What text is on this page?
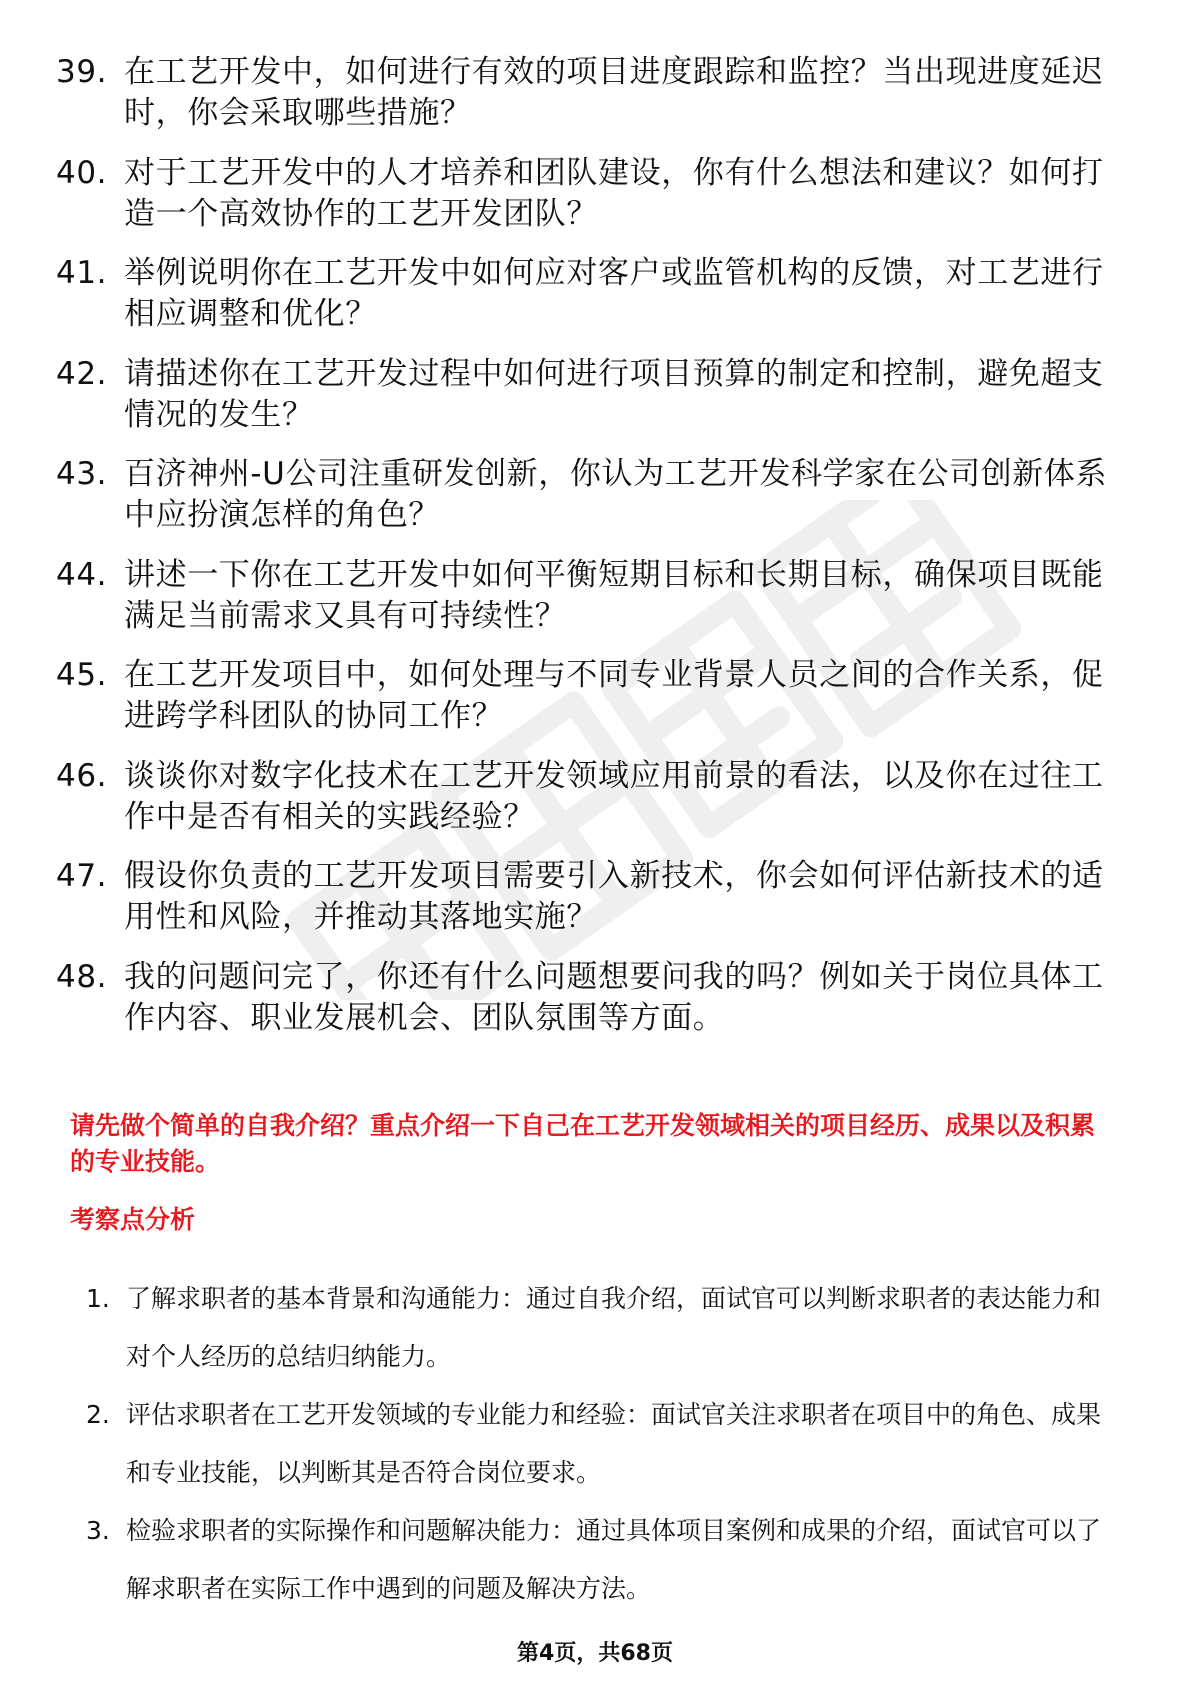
39. 在工艺开发中，如何进行有效的项目进度跟踪和监控？当出现进度延迟时，你会采取哪些措施？
40. 对于工艺开发中的人才培养和团队建设，你有什么想法和建议？如何打造一个高效协作的工艺开发团队？
41. 举例说明你在工艺开发中如何应对客户或监管机构的反馈，对工艺进行相应调整和优化？
42. 请描述你在工艺开发过程中如何进行项目预算的制定和控制，避免超支情况的发生？
43. 百济神州-U公司注重研发创新，你认为工艺开发科学家在公司创新体系中应扮演怎样的角色？
44. 讲述一下你在工艺开发中如何平衡短期目标和长期目标，确保项目既能满足当前需求又具有可持续性？
45. 在工艺开发项目中，如何处理与不同专业背景人员之间的合作关系，促进跨学科团队的协同工作？
46. 谈谈你对数字化技术在工艺开发领域应用前景的看法，以及你在过往工作中是否有相关的实践经验？
47. 假设你负责的工艺开发项目需要引入新技术，你会如何评估新技术的适用性和风险，并推动其落地实施？
48. 我的问题问完了，你还有什么问题想要问我的吗？例如关于岗位具体工作内容、职业发展机会、团队氛围等方面。

请先做个简单的自我介绍？重点介绍一下自己在工艺开发领域相关的项目经历、成果以及积累的专业技能。

考察点分析
1. 了解求职者的基本背景和沟通能力：通过自我介绍，面试官可以判断求职者的表达能力和对个人经历的总结归纳能力。
2. 评估求职者在工艺开发领域的专业能力和经验：面试官关注求职者在项目中的角色、成果和专业技能，以判断其是否符合岗位要求。
3. 检验求职者的实际操作和问题解决能力：通过具体项目案例和成果的介绍，面试官可以了解求职者在实际工作中遇到的问题及解决方法。
第4页，共68页
